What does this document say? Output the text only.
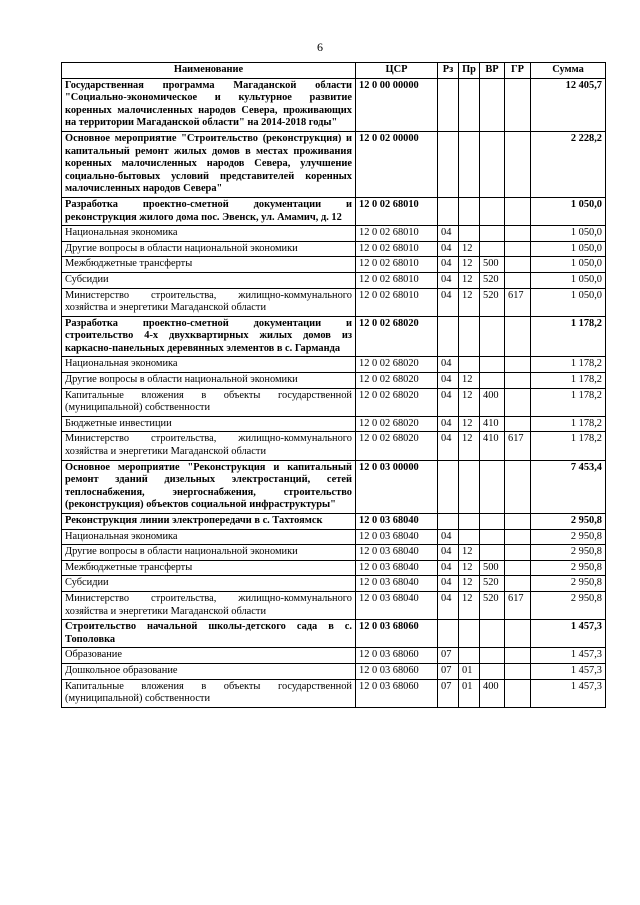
6
Наименование	ЦСР	Рз	Пр	ВР	ГР	Сумма
Государственная программа Магаданской области "Социально-экономическое и культурное развитие коренных малочисленных народов Севера, проживающих на территории Магаданской области" на 2014-2018 годы"	12 0 00 00000					12 405,7
Основное мероприятие "Строительство (реконструкция) и капитальный ремонт жилых домов в местах проживания коренных малочисленных народов Севера, улучшение социально-бытовых условий представителей коренных малочисленных народов Севера"	12 0 02 00000					2 228,2
Разработка проектно-сметной документации и реконструкция жилого дома пос. Эвенск, ул. Амамич, д. 12	12 0 02 68010					1 050,0
Национальная экономика	12 0 02 68010	04				1 050,0
Другие вопросы в области национальной экономики	12 0 02 68010	04	12			1 050,0
Межбюджетные трансферты	12 0 02 68010	04	12	500		1 050,0
Субсидии	12 0 02 68010	04	12	520		1 050,0
Министерство строительства, жилищно-коммунального хозяйства и энергетики Магаданской области	12 0 02 68010	04	12	520	617	1 050,0
Разработка проектно-сметной документации и строительство 4-х двухквартирных жилых домов из каркасно-панельных деревянных элементов в с. Гарманда	12 0 02 68020					1 178,2
Национальная экономика	12 0 02 68020	04				1 178,2
Другие вопросы в области национальной экономики	12 0 02 68020	04	12			1 178,2
Капитальные вложения в объекты государственной (муниципальной) собственности	12 0 02 68020	04	12	400		1 178,2
Бюджетные инвестиции	12 0 02 68020	04	12	410		1 178,2
Министерство строительства, жилищно-коммунального хозяйства и энергетики Магаданской области	12 0 02 68020	04	12	410	617	1 178,2
Основное мероприятие "Реконструкция и капитальный ремонт зданий дизельных электростанций, сетей теплоснабжения, энергоснабжения, строительство (реконструкция) объектов социальной инфраструктуры"	12 0 03 00000					7 453,4
Реконструкция линии электропередачи в с. Тахтоямск	12 0 03 68040					2 950,8
Национальная экономика	12 0 03 68040	04				2 950,8
Другие вопросы в области национальной экономики	12 0 03 68040	04	12			2 950,8
Межбюджетные трансферты	12 0 03 68040	04	12	500		2 950,8
Субсидии	12 0 03 68040	04	12	520		2 950,8
Министерство строительства, жилищно-коммунального хозяйства и энергетики Магаданской области	12 0 03 68040	04	12	520	617	2 950,8
Строительство начальной школы-детского сада в с. Тополовка	12 0 03 68060					1 457,3
Образование	12 0 03 68060	07				1 457,3
Дошкольное образование	12 0 03 68060	07	01			1 457,3
Капитальные вложения в объекты государственной (муниципальной) собственности	12 0 03 68060	07	01	400		1 457,3
